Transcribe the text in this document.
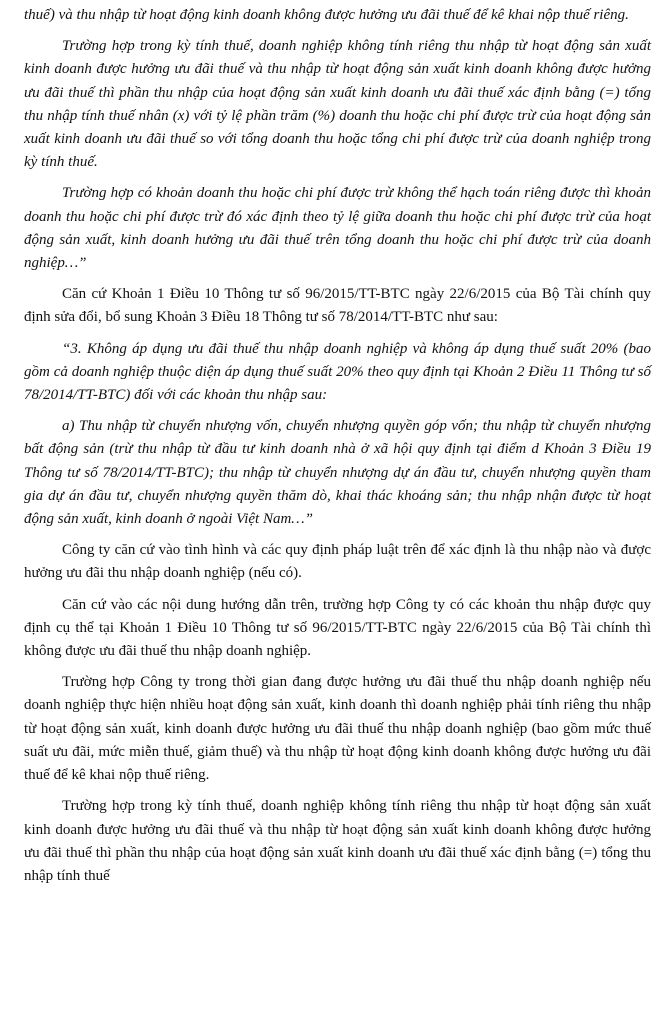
thuế) và thu nhập từ hoạt động kinh doanh không được hưởng ưu đãi thuế để kê khai nộp thuế riêng.

Trường hợp trong kỳ tính thuế, doanh nghiệp không tính riêng thu nhập từ hoạt động sản xuất kinh doanh được hưởng ưu đãi thuế và thu nhập từ hoạt động sản xuất kinh doanh không được hưởng ưu đãi thuế thì phần thu nhập của hoạt động sản xuất kinh doanh ưu đãi thuế xác định bằng (=) tổng thu nhập tính thuế nhân (x) với tỷ lệ phần trăm (%) doanh thu hoặc chi phí được trừ của hoạt động sản xuất kinh doanh ưu đãi thuế so với tổng doanh thu hoặc tổng chi phí được trừ của doanh nghiệp trong kỳ tính thuế.

Trường hợp có khoản doanh thu hoặc chi phí được trừ không thể hạch toán riêng được thì khoản doanh thu hoặc chi phí được trừ đó xác định theo tỷ lệ giữa doanh thu hoặc chi phí được trừ của hoạt động sản xuất, kinh doanh hưởng ưu đãi thuế trên tổng doanh thu hoặc chi phí được trừ của doanh nghiệp…”

Căn cứ Khoản 1 Điều 10 Thông tư số 96/2015/TT-BTC ngày 22/6/2015 của Bộ Tài chính quy định sửa đổi, bổ sung Khoản 3 Điều 18 Thông tư số 78/2014/TT-BTC như sau:

“3. Không áp dụng ưu đãi thuế thu nhập doanh nghiệp và không áp dụng thuế suất 20% (bao gồm cả doanh nghiệp thuộc diện áp dụng thuế suất 20% theo quy định tại Khoản 2 Điều 11 Thông tư số 78/2014/TT-BTC) đối với các khoản thu nhập sau:

a) Thu nhập từ chuyển nhượng vốn, chuyển nhượng quyền góp vốn; thu nhập từ chuyển nhượng bất động sản (trừ thu nhập từ đầu tư kinh doanh nhà ở xã hội quy định tại điểm d Khoản 3 Điều 19 Thông tư số 78/2014/TT-BTC); thu nhập từ chuyển nhượng dự án đầu tư, chuyển nhượng quyền tham gia dự án đầu tư, chuyển nhượng quyền thăm dò, khai thác khoáng sản; thu nhập nhận được từ hoạt động sản xuất, kinh doanh ở ngoài Việt Nam…”

Công ty căn cứ vào tình hình và các quy định pháp luật trên để xác định là thu nhập nào và được hưởng ưu đãi thu nhập doanh nghiệp (nếu có).

Căn cứ vào các nội dung hướng dẫn trên, trường hợp Công ty có các khoản thu nhập được quy định cụ thể tại Khoản 1 Điều 10 Thông tư số 96/2015/TT-BTC ngày 22/6/2015 của Bộ Tài chính thì không được ưu đãi thuế thu nhập doanh nghiệp.

Trường hợp Công ty trong thời gian đang được hưởng ưu đãi thuế thu nhập doanh nghiệp nếu doanh nghiệp thực hiện nhiều hoạt động sản xuất, kinh doanh thì doanh nghiệp phải tính riêng thu nhập từ hoạt động sản xuất, kinh doanh được hưởng ưu đãi thuế thu nhập doanh nghiệp (bao gồm mức thuế suất ưu đãi, mức miễn thuế, giảm thuế) và thu nhập từ hoạt động kinh doanh không được hưởng ưu đãi thuế để kê khai nộp thuế riêng.

Trường hợp trong kỳ tính thuế, doanh nghiệp không tính riêng thu nhập từ hoạt động sản xuất kinh doanh được hưởng ưu đãi thuế và thu nhập từ hoạt động sản xuất kinh doanh không được hưởng ưu đãi thuế thì phần thu nhập của hoạt động sản xuất kinh doanh ưu đãi thuế xác định bằng (=) tổng thu nhập tính thuế
